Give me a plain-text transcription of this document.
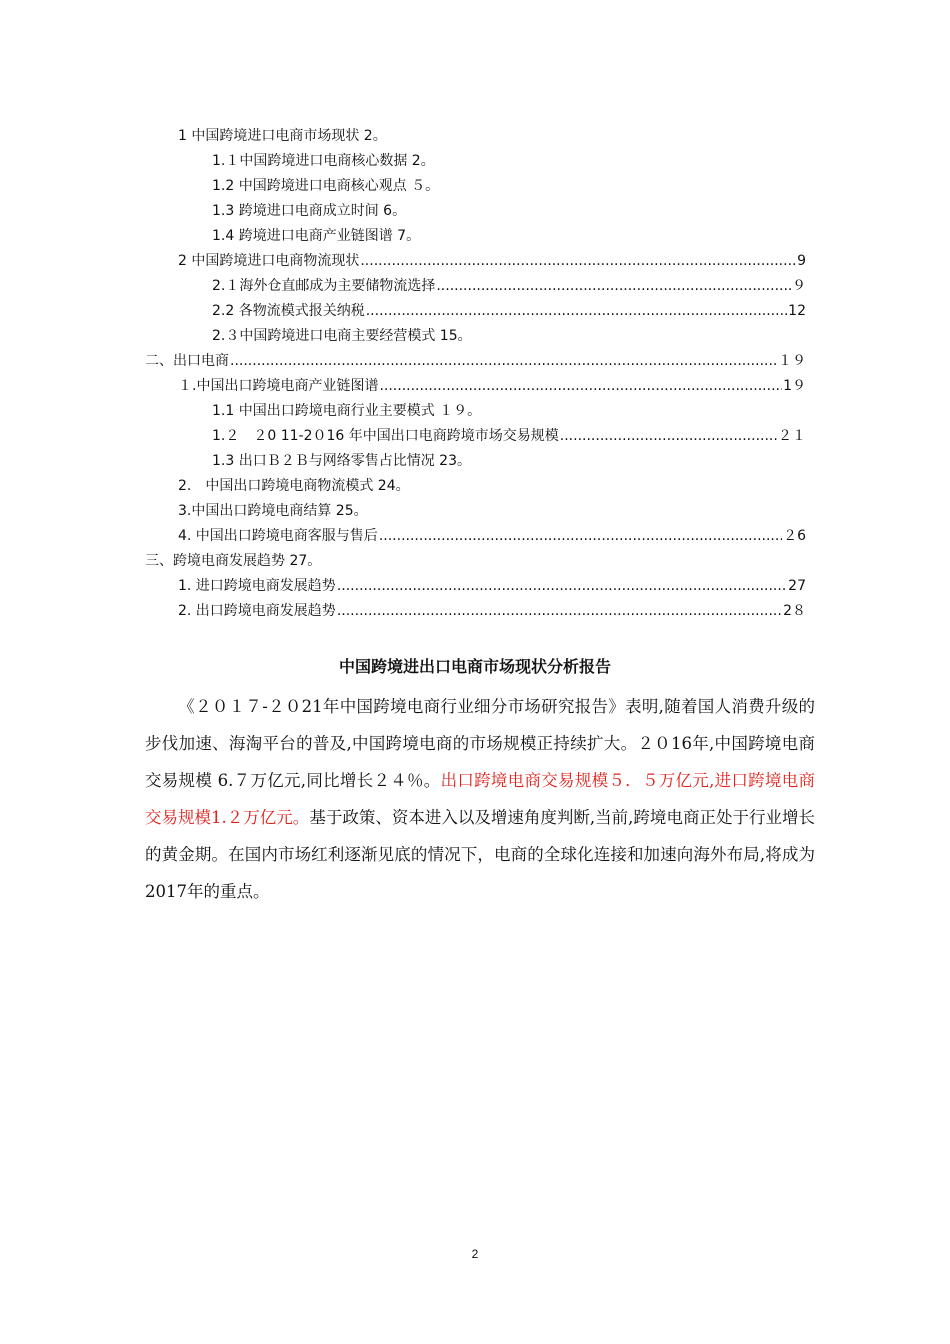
1 中国跨境进口电商市场现状 2。
1.１中国跨境进口电商核心数据 2。
1.2 中国跨境进口电商核心观点 ５。
1.3 跨境进口电商成立时间 6。
1.4 跨境进口电商产业链图谱 7。
2 中国跨境进口电商物流现状 .....	9
2.１海外仓直邮成为主要储物流选择 .....	９
2.2 各物流模式报关纳税 .....	12
2.３中国跨境进口电商主要经营模式 15。
二、出口电商 .....	１９
１.中国出口跨境电商产业链图谱 .....	1９
1.1 中国出口跨境电商行业主要模式 １９。
1.２　２0 11-2０16 年中国出口电商跨境市场交易规模 .....	２１
1.3 出口Ｂ２Ｂ与网络零售占比情况 23。
2.　中国出口跨境电商物流模式 24。
3.中国出口跨境电商结算 25。
4. 中国出口跨境电商客服与售后 .....	２6
三、跨境电商发展趋势 27。
1. 进口跨境电商发展趋势 .....	27
2. 出口跨境电商发展趋势 .....	2８
中国跨境进出口电商市场现状分析报告
《２０１７-２０21年中国跨境电商行业细分市场研究报告》表明,随着国人消费升级的步伐加速、海淘平台的普及,中国跨境电商的市场规模正持续扩大。２０16年,中国跨境电商交易规模 6.７万亿元,同比增长２４％。出口跨境电商交易规模５．５万亿元,进口跨境电商交易规模1.２万亿元。基于政策、资本进入以及增速角度判断,当前,跨境电商正处于行业增长的黄金期。在国内市场红利逐渐见底的情况下，电商的全球化连接和加速向海外布局,将成为2017年的重点。
2
